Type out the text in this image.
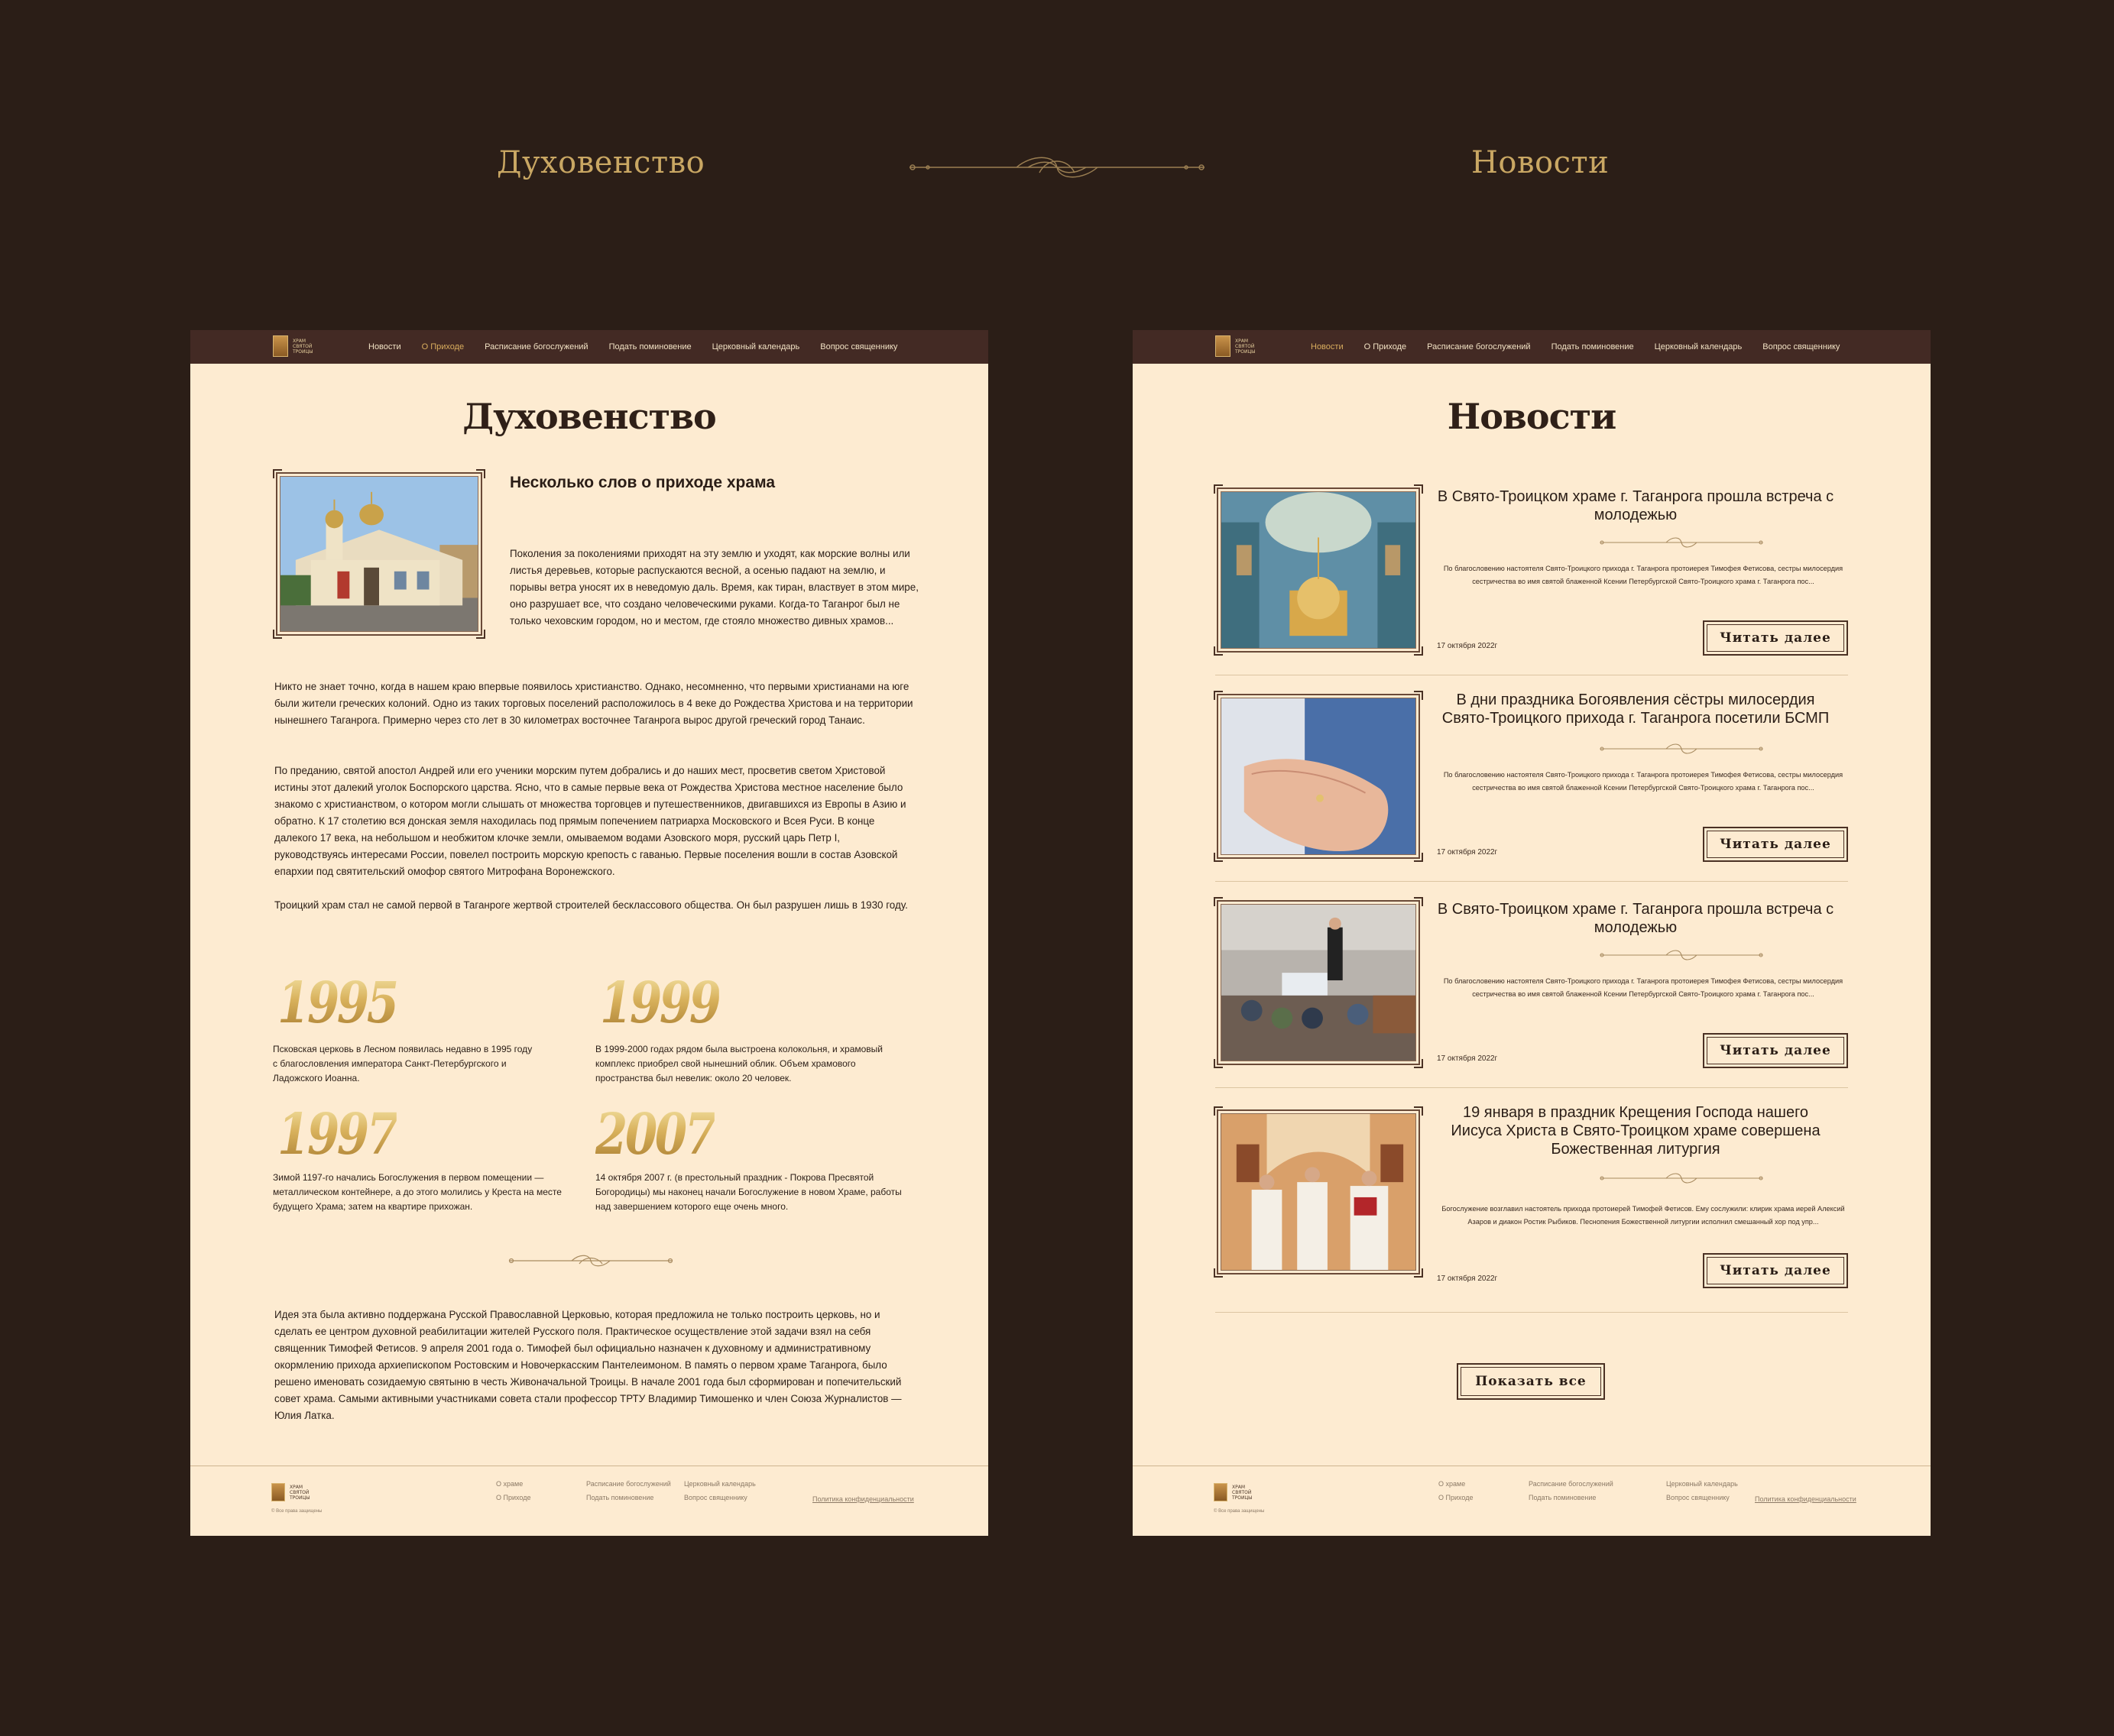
Духовенство	Новости
ХРАМ
СВЯТОЙ
ТРОИЦЫ	Новости О Приходе Расписание богослужений Подать поминовение Церковный календарь Вопрос священнику
Духовенство
Несколько слов о приходе храма
Поколения за поколениями приходят на эту землю и уходят, как морские волны или листья деревьев, которые распускаются весной, а осенью падают на землю, и порывы ветра уносят их в неведомую даль. Время, как тиран, властвует в этом мире, оно разрушает все, что создано человеческими руками. Когда-то Таганрог был не только чеховским городом, но и местом, где стояло множество дивных храмов...
Никто не знает точно, когда в нашем краю впервые появилось христианство. Однако, несомненно, что первыми христианами на юге были жители греческих колоний. Одно из таких торговых поселений расположилось в 4 веке до Рождества Христова и на территории нынешнего Таганрога. Примерно через сто лет в 30 километрах восточнее Таганрога вырос другой греческий город Танаис.
По преданию, святой апостол Андрей или его ученики морским путем добрались и до наших мест, просветив светом Христовой истины этот далекий уголок Боспорского царства. Ясно, что в самые первые века от Рождества Христова местное население было знакомо с христианством, о котором могли слышать от множества торговцев и путешественников, двигавшихся из Европы в Азию и обратно. К 17 столетию вся донская земля находилась под прямым попечением патриарха Московского и Всея Руси. В конце далекого 17 века, на небольшом и необжитом клочке земли, омываемом водами Азовского моря, русский царь Петр I, руководствуясь интересами России, повелел построить морскую крепость с гаванью. Первые поселения вошли в состав Азовской епархии под святительский омофор святого Митрофана Воронежского.
Троицкий храм стал не самой первой в Таганроге жертвой строителей бесклассового общества. Он был разрушен лишь в 1930 году.
1995
Псковская церковь в Лесном появилась недавно в 1995 году с благословления императора Санкт-Петербургского и Ладожского Иоанна.
1999
В 1999-2000 годах рядом была выстроена колокольня, и храмовый комплекс приобрел свой нынешний облик. Объем храмового пространства был невелик: около 20 человек.
1997
Зимой 1197-го начались Богослужения в первом помещении — металлическом контейнере, а до этого молились у Креста на месте будущего Храма; затем на квартире прихожан.
2007
14 октября 2007 г. (в престольный праздник - Покрова Пресвятой Богородицы) мы наконец начали Богослужение в новом Храме, работы над завершением которого еще очень много.
Идея эта была активно поддержана Русской Православной Церковью, которая предложила не только построить церковь, но и сделать ее центром духовной реабилитации жителей Русского поля. Практическое осуществление этой задачи взял на себя священник Тимофей Фетисов. 9 апреля 2001 года о. Тимофей был официально назначен к духовному и административному окормлению прихода архиепископом Ростовским и Новочеркасским Пантелеимоном. В память о первом храме Таганрога, было решено именовать созидаемую святыню в честь Живоначальной Троицы. В начале 2001 года был сформирован и попечительский совет храма. Самыми активными участниками совета стали профессор ТРТУ Владимир Тимошенко и член Союза Журналистов — Юлия Латка.
ХРАМ
СВЯТОЙ
ТРОИЦЫ
© Все права защищены
О храме
О Приходе
Расписание богослужений
Подать поминовение
Церковный календарь
Вопрос священнику	Политика конфиденциальности
ХРАМ
СВЯТОЙ
ТРОИЦЫ	Новости О Приходе Расписание богослужений Подать поминовение Церковный календарь Вопрос священнику
Новости
В Свято-Троицком храме г. Таганрога прошла встреча с молодежью
По благословению настоятеля Свято-Троицкого прихода г. Таганрога протоиерея Тимофея Фетисова, сестры милосердия сестричества во имя святой блаженной Ксении Петербургской Свято-Троицкого храма г. Таганрога пос...
17 октября 2022г
Читать далее
В дни праздника Богоявления сёстры милосердия Свято-Троицкого прихода г. Таганрога посетили БСМП
По благословению настоятеля Свято-Троицкого прихода г. Таганрога протоиерея Тимофея Фетисова, сестры милосердия сестричества во имя святой блаженной Ксении Петербургской Свято-Троицкого храма г. Таганрога пос...
17 октября 2022г
Читать далее
В Свято-Троицком храме г. Таганрога прошла встреча с молодежью
По благословению настоятеля Свято-Троицкого прихода г. Таганрога протоиерея Тимофея Фетисова, сестры милосердия сестричества во имя святой блаженной Ксении Петербургской Свято-Троицкого храма г. Таганрога пос...
17 октября 2022г
Читать далее
19 января в праздник Крещения Господа нашего Иисуса Христа в Свято-Троицком храме совершена Божественная литургия
Богослужение возглавил настоятель прихода протоиерей Тимофей Фетисов. Ему сослужили: клирик храма иерей Алексий Азаров и диакон Ростик Рыбиков. Песнопения Божественной литургии исполнил смешанный хор под упр...
17 октября 2022г
Читать далее
Показать все
ХРАМ
СВЯТОЙ
ТРОИЦЫ
© Все права защищены
О храме
О Приходе
Расписание богослужений
Подать поминовение
Церковный календарь
Вопрос священнику	Политика конфиденциальности
